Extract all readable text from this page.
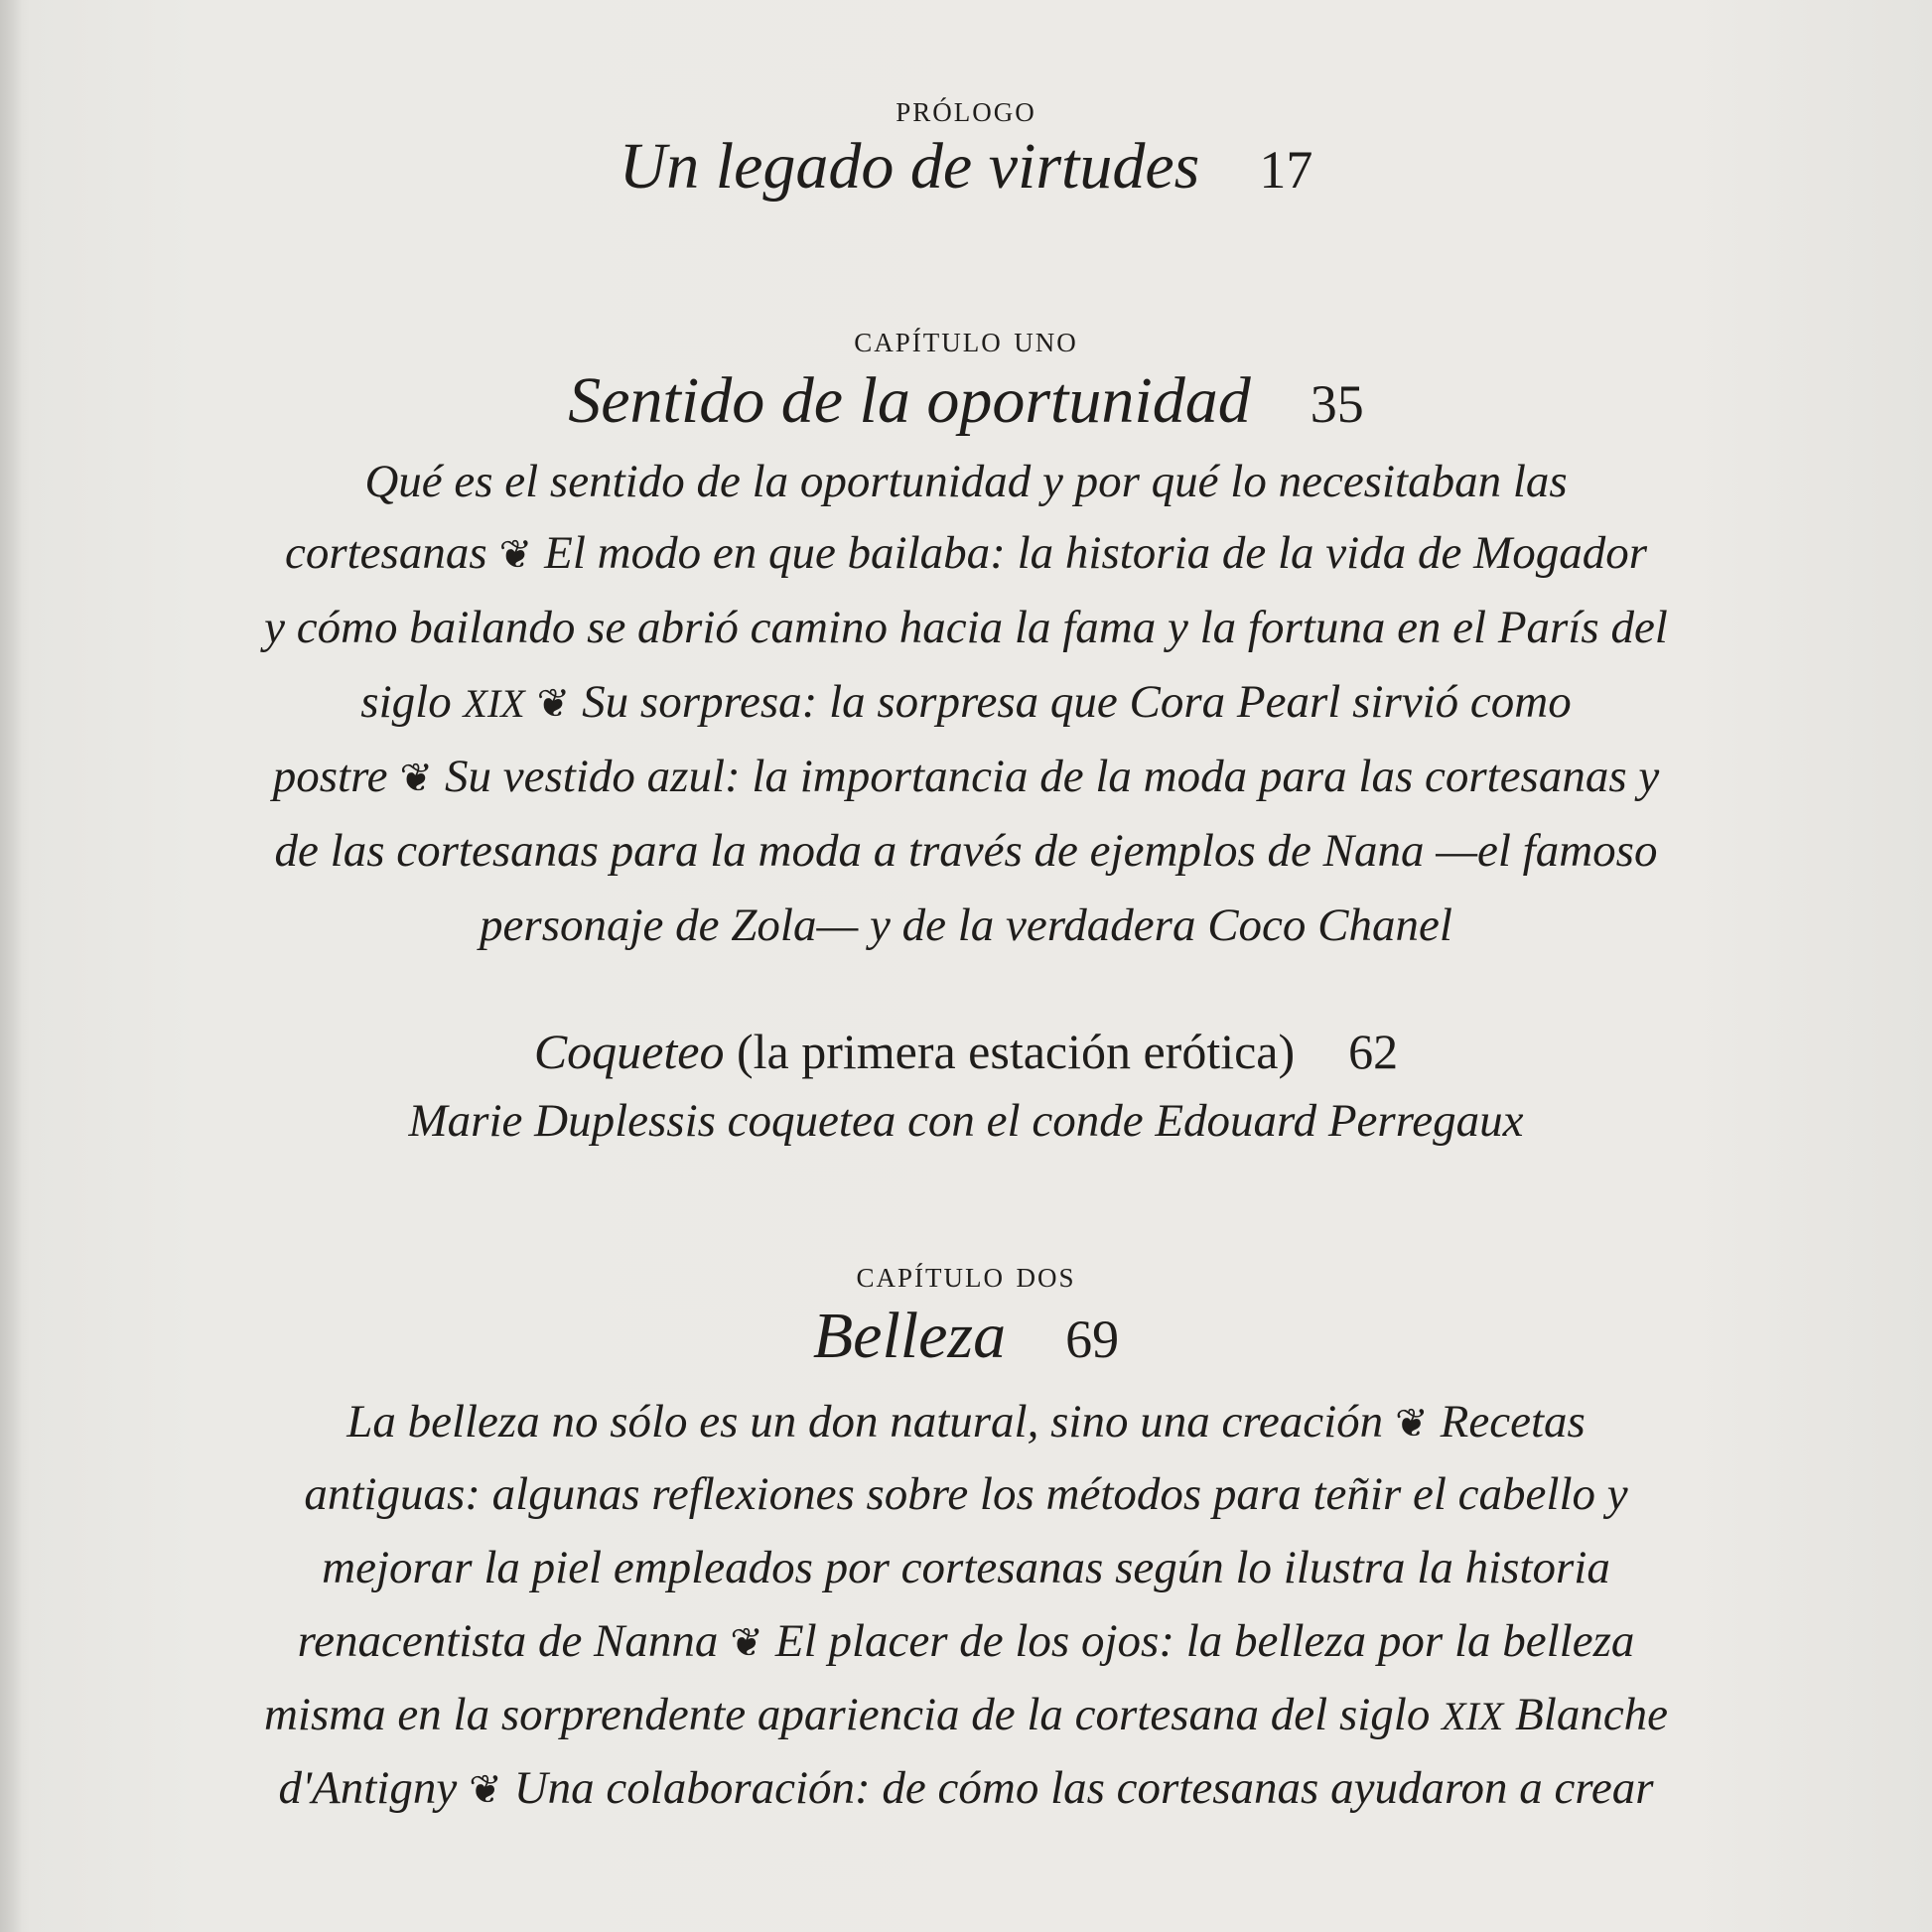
prólogo
Un legado de virtudes 17
capítulo uno
Sentido de la oportunidad 35
Qué es el sentido de la oportunidad y por qué lo necesitaban las
cortesanas ❦ El modo en que bailaba: la historia de la vida de Mogador
y cómo bailando se abrió camino hacia la fama y la fortuna en el París del
siglo XIX ❦ Su sorpresa: la sorpresa que Cora Pearl sirvió como
postre ❦ Su vestido azul: la importancia de la moda para las cortesanas y
de las cortesanas para la moda a través de ejemplos de Nana —el famoso
personaje de Zola— y de la verdadera Coco Chanel
Coqueteo (la primera estación erótica) 62
Marie Duplessis coquetea con el conde Edouard Perregaux
capítulo dos
Belleza 69
La belleza no sólo es un don natural, sino una creación ❦ Recetas
antiguas: algunas reflexiones sobre los métodos para teñir el cabello y
mejorar la piel empleados por cortesanas según lo ilustra la historia
renacentista de Nanna ❦ El placer de los ojos: la belleza por la belleza
misma en la sorprendente apariencia de la cortesana del siglo XIX Blanche
d'Antigny ❦ Una colaboración: de cómo las cortesanas ayudaron a crear
